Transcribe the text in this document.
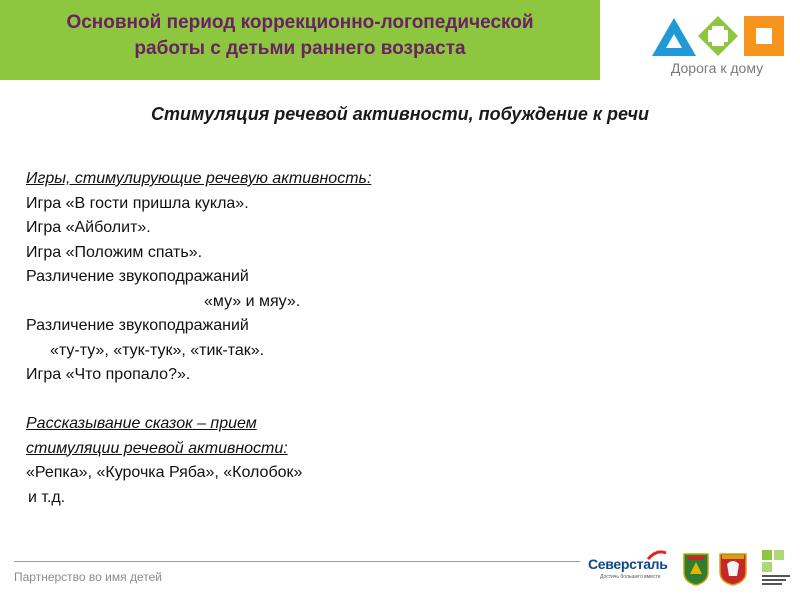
Основной период коррекционно-логопедической
работы с детьми раннего возраста
Дорога к дому
Стимуляция речевой активности, побуждение к речи
Игры, стимулирующие речевую активность:
Игра «В гости пришла кукла».
Игра «Айболит».
Игра «Положим спать».
Различение звукоподражаний
«му» и мяу».
Различение звукоподражаний
«ту-ту», «тук-тук», «тик-так».
Игра «Что пропало?».
Рассказывание сказок – прием
стимуляции речевой активности:
«Репка», «Курочка Ряба», «Колобок»
и т.д.
Партнерство во имя детей
Северсталь
Достичь большего вместе
